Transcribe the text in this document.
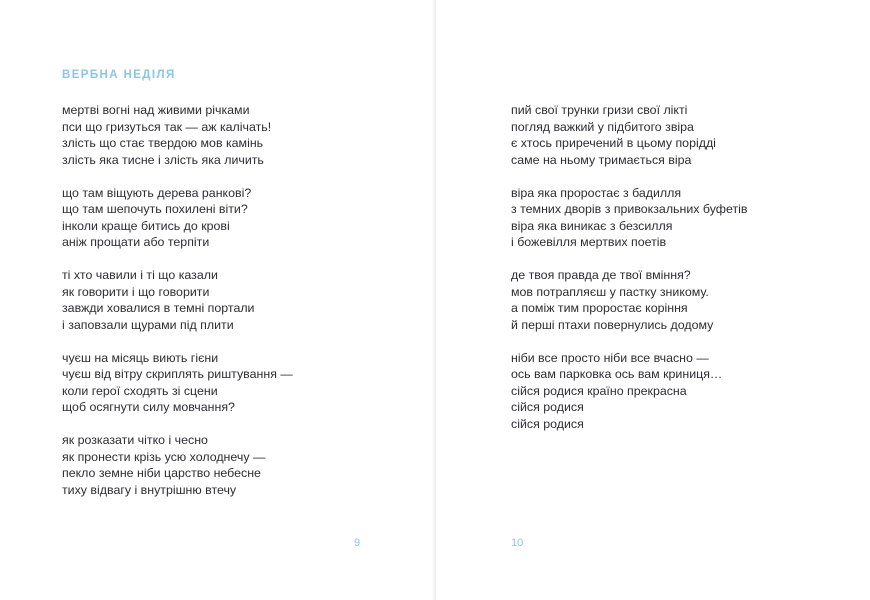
ВЕРБНА НЕДІЛЯ
мертві вогні над живими річками
пси що гризуться так — аж калічать!
злість що стає твердою мов камінь
злість яка тисне і злість яка личить
що там віщують дерева ранкові?
що там шепочуть похилені віти?
інколи краще битись до крові
аніж прощати або терпіти
ті хто чавили і ті що казали
як говорити і що говорити
завжди ховалися в темні портали
і заповзали щурами під плити
чуєш на місяць виють гієни
чуєш від вітру скриплять риштування —
коли герої сходять зі сцени
щоб осягнути силу мовчання?
як розказати чітко і чесно
як пронести крізь усю холоднечу —
пекло земне ніби царство небесне
тиху відвагу і внутрішню втечу
9
пий свої трунки гризи свої лікті
погляд важкий у підбитого звіра
є хтось приречений в цьому порідді
саме на ньому тримається віра
віра яка проростає з бадилля
з темних дворів з привокзальних буфетів
віра яка виникає з безсилля
і божевілля мертвих поетів
де твоя правда де твої вміння?
мов потрапляєш у пастку зникому.
а поміж тим проростає коріння
й перші птахи повернулись додому
ніби все просто ніби все вчасно —
ось вам парковка ось вам криниця…
сійся родися країно прекрасна
сійся родися
сійся родися
10
